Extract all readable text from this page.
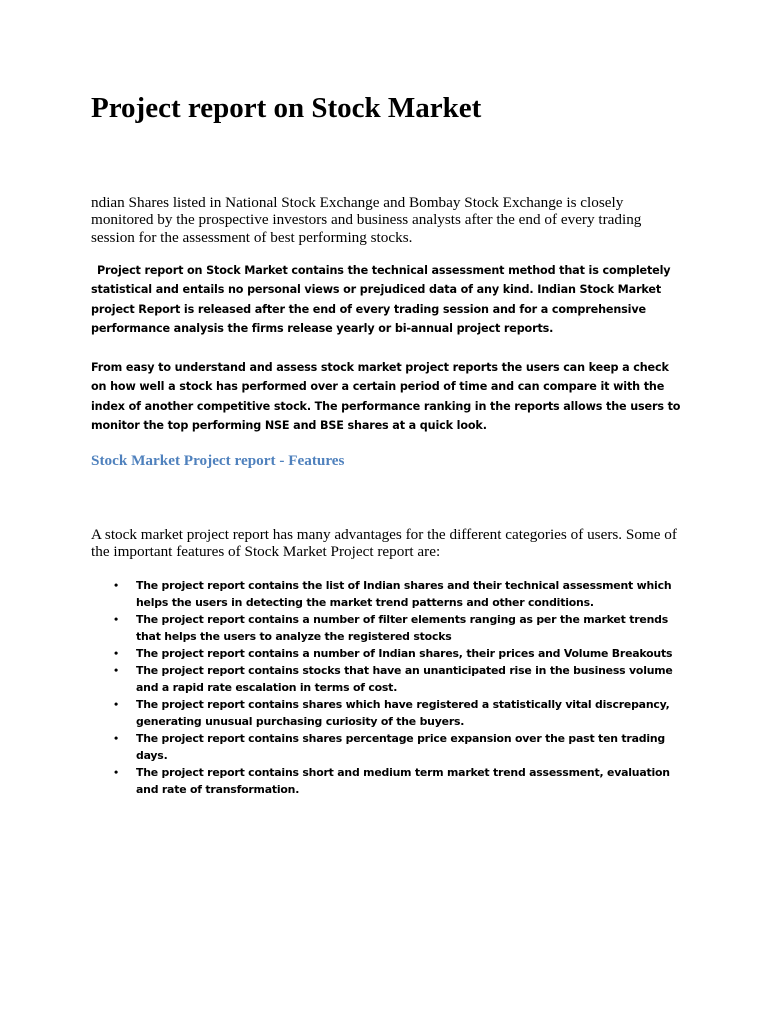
Project report on Stock Market

ndian Shares listed in National Stock Exchange and Bombay Stock Exchange is closely monitored by the prospective investors and business analysts after the end of every trading session for the assessment of best performing stocks.

Project report on Stock Market contains the technical assessment method that is completely statistical and entails no personal views or prejudiced data of any kind. Indian Stock Market project Report is released after the end of every trading session and for a comprehensive performance analysis the firms release yearly or bi-annual project reports.

From easy to understand and assess stock market project reports the users can keep a check on how well a stock has performed over a certain period of time and can compare it with the index of another competitive stock. The performance ranking in the reports allows the users to monitor the top performing NSE and BSE shares at a quick look.

Stock Market Project report - Features

A stock market project report has many advantages for the different categories of users. Some of the important features of Stock Market Project report are:

• The project report contains the list of Indian shares and their technical assessment which helps the users in detecting the market trend patterns and other conditions.
• The project report contains a number of filter elements ranging as per the market trends that helps the users to analyze the registered stocks
• The project report contains a number of Indian shares, their prices and Volume Breakouts
• The project report contains stocks that have an unanticipated rise in the business volume and a rapid rate escalation in terms of cost.
• The project report contains shares which have registered a statistically vital discrepancy, generating unusual purchasing curiosity of the buyers.
• The project report contains shares percentage price expansion over the past ten trading days.
• The project report contains short and medium term market trend assessment, evaluation and rate of transformation.
